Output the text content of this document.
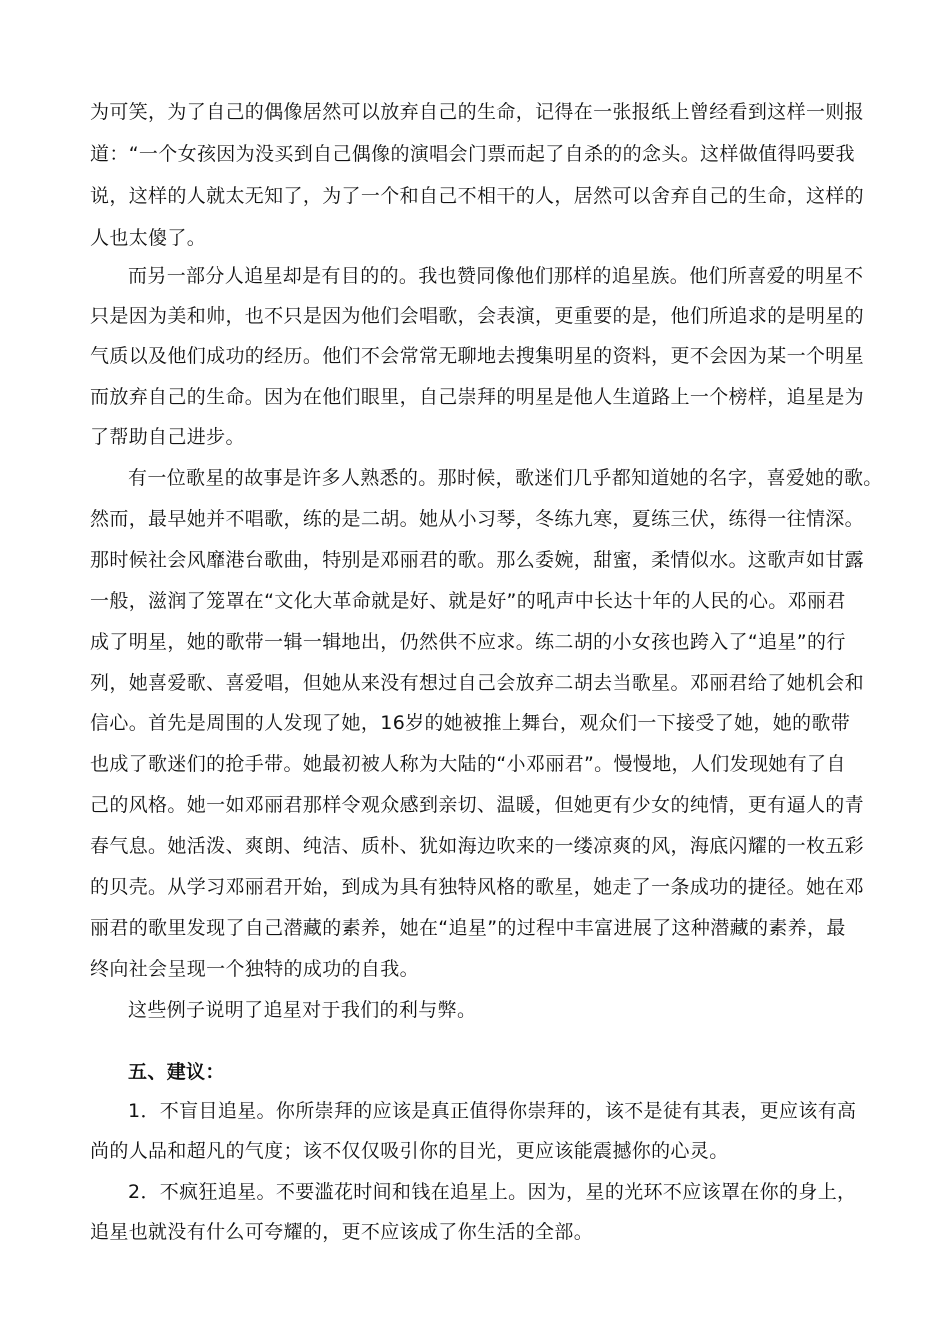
为可笑，为了自己的偶像居然可以放弃自己的生命，记得在一张报纸上曾经看到这样一则报
道：“一个女孩因为没买到自己偶像的演唱会门票而起了自杀的的念头。这样做值得吗要我
说，这样的人就太无知了，为了一个和自己不相干的人，居然可以舍弃自己的生命，这样的
人也太傻了。
而另一部分人追星却是有目的的。我也赞同像他们那样的追星族。他们所喜爱的明星不
只是因为美和帅，也不只是因为他们会唱歌，会表演，更重要的是，他们所追求的是明星的
气质以及他们成功的经历。他们不会常常无聊地去搜集明星的资料，更不会因为某一个明星
而放弃自己的生命。因为在他们眼里，自己崇拜的明星是他人生道路上一个榜样，追星是为
了帮助自己进步。
有一位歌星的故事是许多人熟悉的。那时候，歌迷们几乎都知道她的名字，喜爱她的歌。
然而，最早她并不唱歌，练的是二胡。她从小习琴，冬练九寒，夏练三伏，练得一往情深。
那时候社会风靡港台歌曲，特别是邓丽君的歌。那么委婉，甜蜜，柔情似水。这歌声如甘露
一般，滋润了笼罩在“文化大革命就是好、就是好”的吼声中长达十年的人民的心。邓丽君
成了明星，她的歌带一辑一辑地出，仍然供不应求。练二胡的小女孩也跨入了“追星”的行
列，她喜爱歌、喜爱唱，但她从来没有想过自己会放弃二胡去当歌星。邓丽君给了她机会和
信心。首先是周围的人发现了她，16岁的她被推上舞台，观众们一下接受了她，她的歌带
也成了歌迷们的抢手带。她最初被人称为大陆的“小邓丽君”。慢慢地，人们发现她有了自
己的风格。她一如邓丽君那样令观众感到亲切、温暖，但她更有少女的纯情，更有逼人的青
春气息。她活泼、爽朗、纯洁、质朴、犹如海边吹来的一缕凉爽的风，海底闪耀的一枚五彩
的贝壳。从学习邓丽君开始，到成为具有独特风格的歌星，她走了一条成功的捷径。她在邓
丽君的歌里发现了自己潜藏的素养，她在“追星”的过程中丰富进展了这种潜藏的素养，最
终向社会呈现一个独特的成功的自我。
这些例子说明了追星对于我们的利与弊。
五、建议：
1．不盲目追星。你所崇拜的应该是真正值得你崇拜的，该不是徒有其表，更应该有高
尚的人品和超凡的气度；该不仅仅吸引你的目光，更应该能震撼你的心灵。
2．不疯狂追星。不要滥花时间和钱在追星上。因为，星的光环不应该罩在你的身上，
追星也就没有什么可夸耀的，更不应该成了你生活的全部。
